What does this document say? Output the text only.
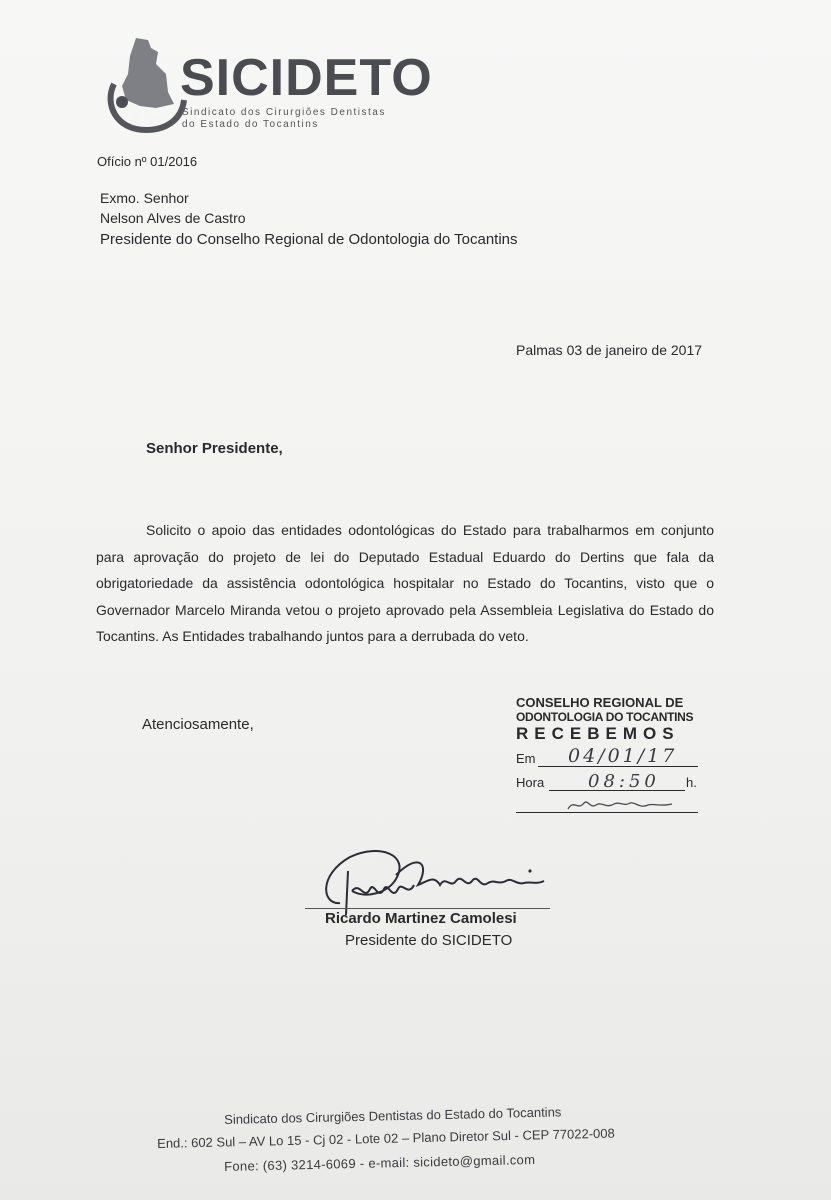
SICIDETO
Sindicato dos Cirurgiões Dentistas
do Estado do Tocantins
Ofício nº 01/2016
Exmo. Senhor
Nelson Alves de Castro
Presidente do Conselho Regional de Odontologia do Tocantins
Palmas 03 de janeiro de 2017
Senhor Presidente,
Solicito o apoio das entidades odontológicas do Estado para trabalharmos em conjunto para aprovação do projeto de lei do Deputado Estadual Eduardo do Dertins que fala da obrigatoriedade da assistência odontológica hospitalar no Estado do Tocantins, visto que o Governador Marcelo Miranda vetou o projeto aprovado pela Assembleia Legislativa do Estado do Tocantins. As Entidades trabalhando juntos para a derrubada do veto.
Atenciosamente,
CONSELHO REGIONAL DE
ODONTOLOGIA DO TOCANTINS
RECEBEMOS
Em 04/01/17
Hora 08:50 h.
Ricardo Martinez Camolesi
Presidente do SICIDETO
Sindicato dos Cirurgiões Dentistas do Estado do Tocantins
End.: 602 Sul – AV Lo 15 - Cj 02 - Lote 02 – Plano Diretor Sul - CEP 77022-008
Fone: (63) 3214-6069 - e-mail: sicideto@gmail.com
